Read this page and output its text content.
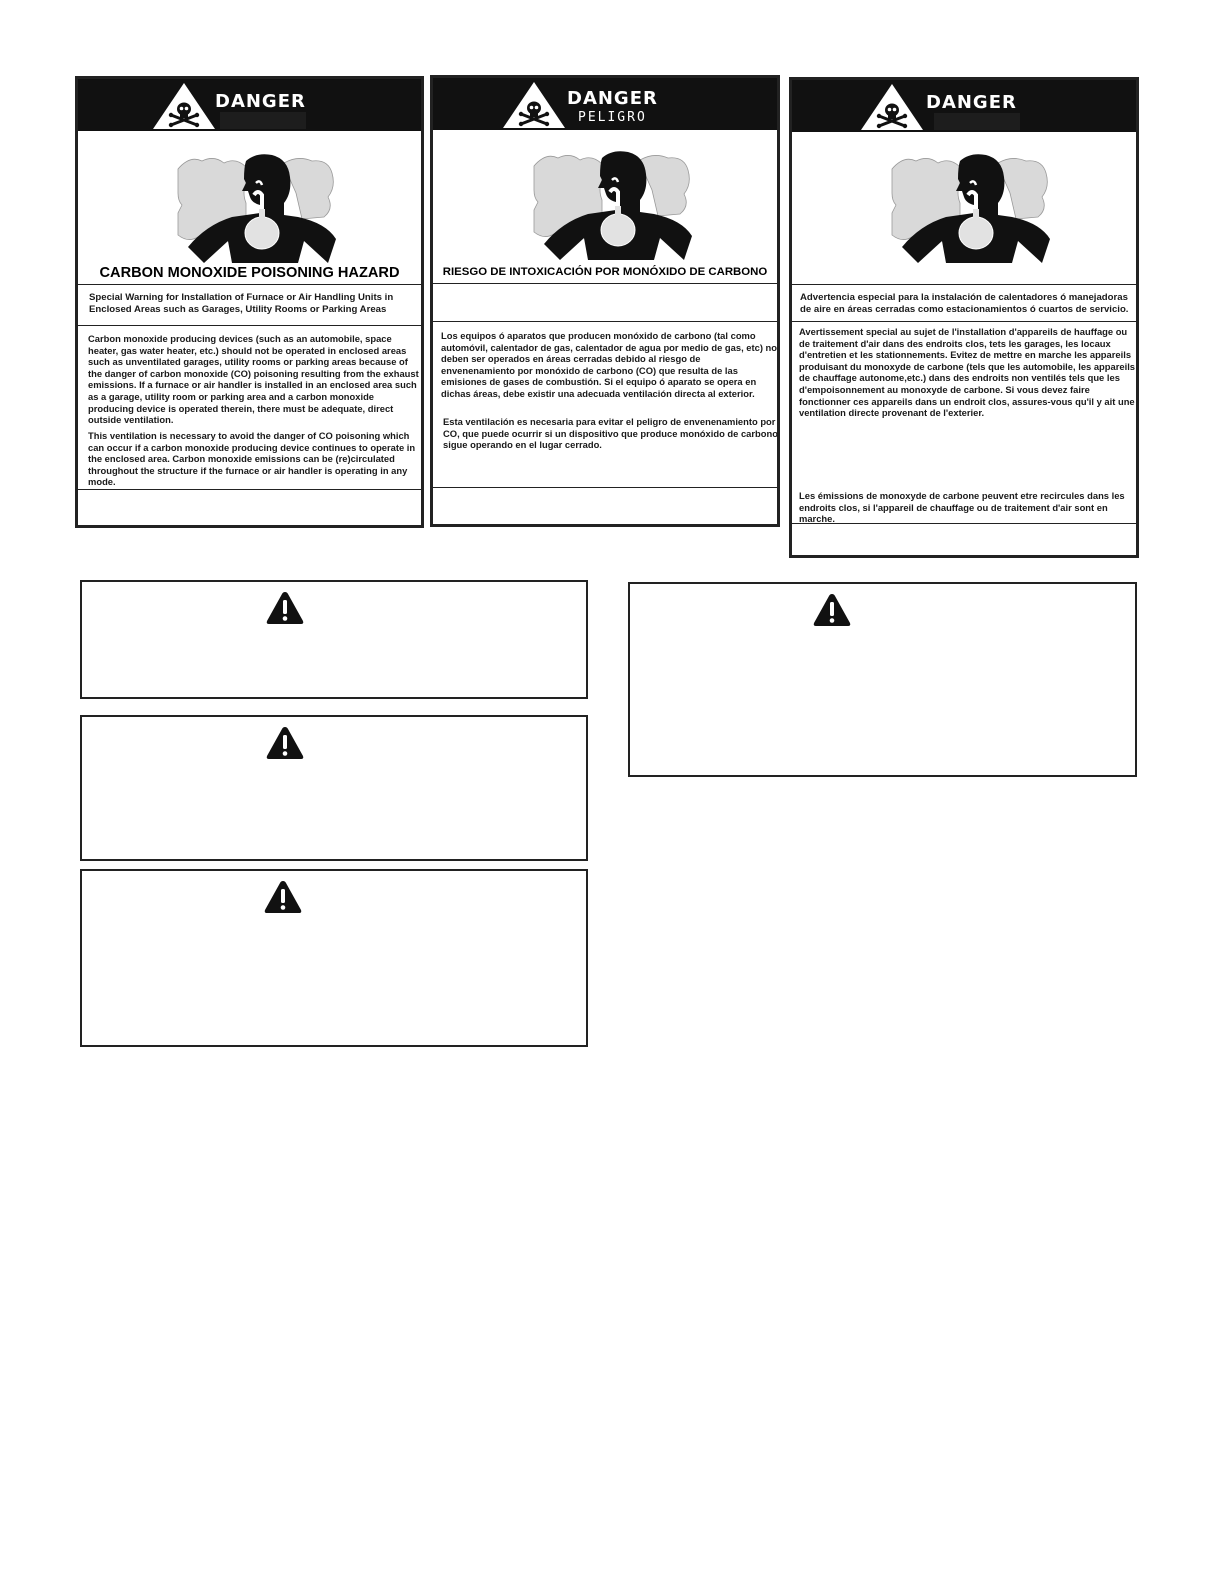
DANGER
CARBON MONOXIDE POISONING HAZARD

Special Warning for Installation of Furnace or Air Handling Units in Enclosed Areas such as Garages, Utility Rooms or Parking Areas

Carbon monoxide producing devices (such as an automobile, space heater, gas water heater, etc.) should not be operated in enclosed areas such as unventilated garages, utility rooms or parking areas because of the danger of carbon monoxide (CO) poisoning resulting from the exhaust emissions. If a furnace or air handler is installed in an enclosed area such as a garage, utility room or parking area and a carbon monoxide producing device is operated therein, there must be adequate, direct outside ventilation.

This ventilation is necessary to avoid the danger of CO poisoning which can occur if a carbon monoxide producing device continues to operate in the enclosed area. Carbon monoxide emissions can be (re)circulated throughout the structure if the furnace or air handler is operating in any mode.

DANGER
PELIGRO
RIESGO DE INTOXICACIÓN POR MONÓXIDO DE CARBONO

Los equipos ó aparatos que producen monóxido de carbono (tal como automóvil, calentador de gas, calentador de agua por medio de gas, etc) no deben ser operados en áreas cerradas debido al riesgo de envenenamiento por monóxido de carbono (CO) que resulta de las emisiones de gases de combustión. Si el equipo ó aparato se opera en dichas áreas, debe existir una adecuada ventilación directa al exterior.

Esta ventilación es necesaria para evitar el peligro de envenenamiento por CO, que puede ocurrir si un dispositivo que produce monóxido de carbono sigue operando en el lugar cerrado.

DANGER

Advertencia especial para la instalación de calentadores ó manejadoras de aire en áreas cerradas como estacionamientos ó cuartos de servicio.

Avertissement special au sujet de l'installation d'appareils de hauffage ou de traitement d'air dans des endroits clos, tets les garages, les locaux d'entretien et les stationnements. Evitez de mettre en marche les appareils produisant du monoxyde de carbone (tels que les automobile, les appareils de chauffage autonome,etc.) dans des endroits non ventilés tels que les d'empoisonnement au monoxyde de carbone. Si vous devez faire fonctionner ces appareils dans un endroit clos, assures-vous qu'il y ait une ventilation directe provenant de l'exterier.

Les émissions de monoxyde de carbone peuvent etre recircules dans les endroits clos, si l'appareil de chauffage ou de traitement d'air sont en marche.
